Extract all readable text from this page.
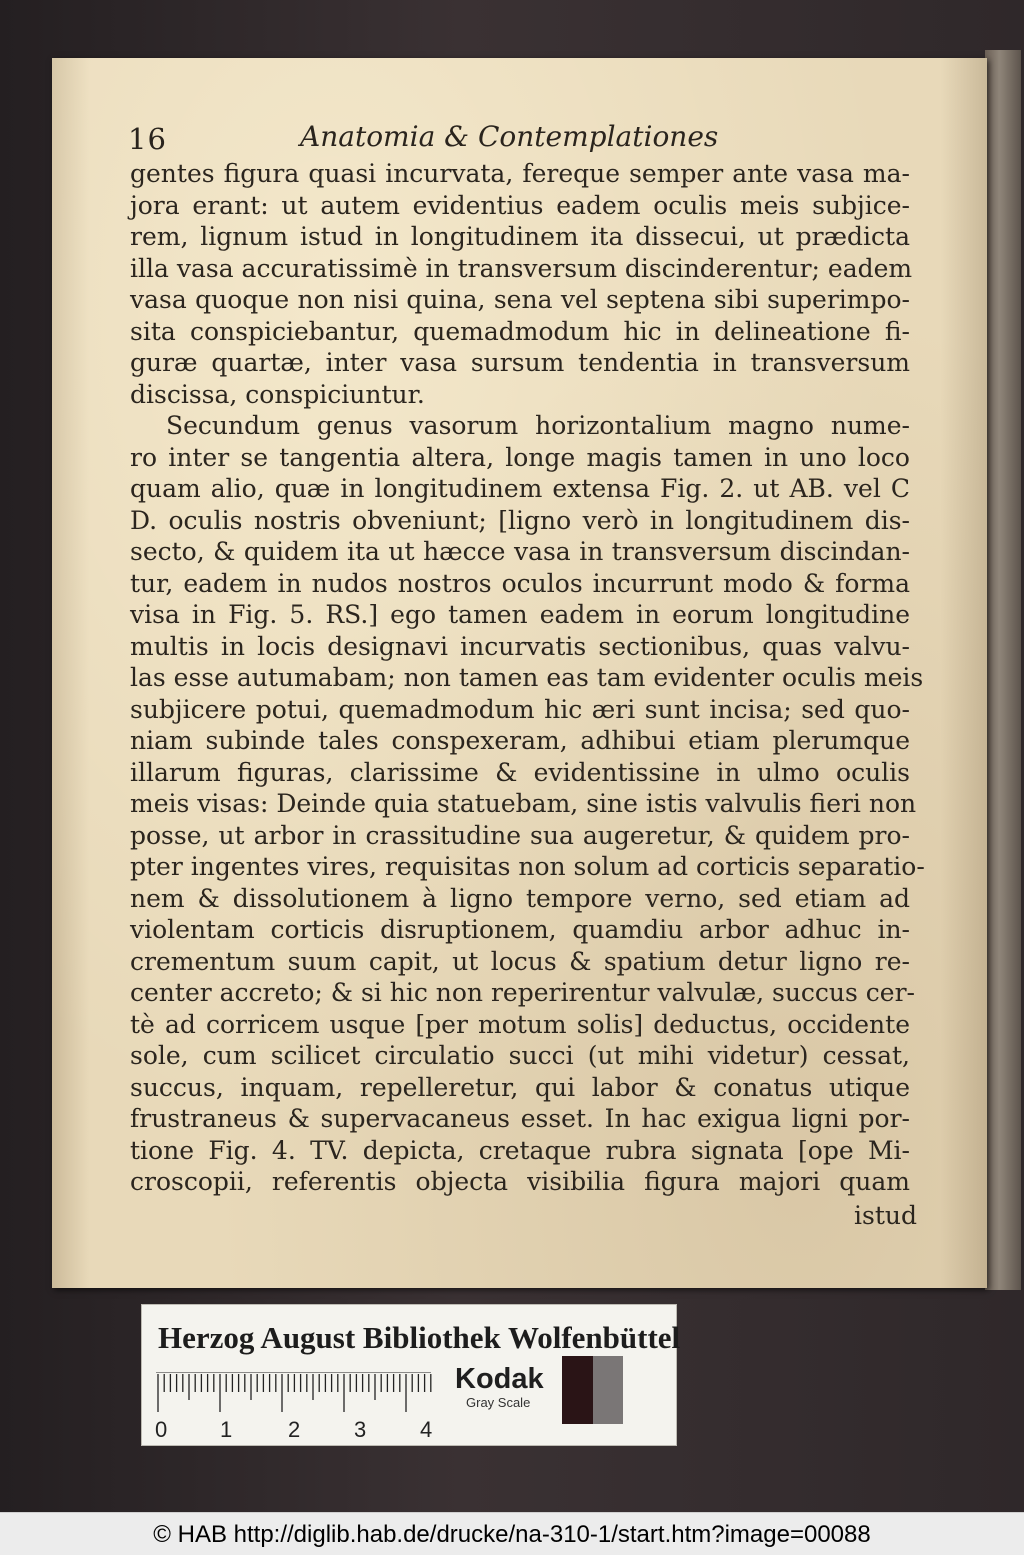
16	Anatomia & Contemplationes
gentes figura quasi incurvata, fereque semper ante vasa ma-
jora erant: ut autem evidentius eadem oculis meis subjice-
rem, lignum istud in longitudinem ita dissecui, ut prædicta
illa vasa accuratissimè in transversum discinderentur; eadem
vasa quoque non nisi quina, sena vel septena sibi superimpo-
sita conspiciebantur, quemadmodum hic in delineatione fi-
guræ quartæ, inter vasa sursum tendentia in transversum
discissa, conspiciuntur.
Secundum genus vasorum horizontalium magno nume-
ro inter se tangentia altera, longe magis tamen in uno loco
quam alio, quæ in longitudinem extensa Fig. 2. ut AB. vel C
D. oculis nostris obveniunt; [ligno verò in longitudinem dis-
secto, & quidem ita ut hæcce vasa in transversum discindan-
tur, eadem in nudos nostros oculos incurrunt modo & forma
visa in Fig. 5. RS.] ego tamen eadem in eorum longitudine
multis in locis designavi incurvatis sectionibus, quas valvu-
las esse autumabam; non tamen eas tam evidenter oculis meis
subjicere potui, quemadmodum hic æri sunt incisa; sed quo-
niam subinde tales conspexeram, adhibui etiam plerumque
illarum figuras, clarissime & evidentissine in ulmo oculis
meis visas: Deinde quia statuebam, sine istis valvulis fieri non
posse, ut arbor in crassitudine sua augeretur, & quidem pro-
pter ingentes vires, requisitas non solum ad corticis separatio-
nem & dissolutionem à ligno tempore verno, sed etiam ad
violentam corticis disruptionem, quamdiu arbor adhuc in-
crementum suum capit, ut locus & spatium detur ligno re-
center accreto; & si hic non reperirentur valvulæ, succus cer-
tè ad corricem usque [per motum solis] deductus, occidente
sole, cum scilicet circulatio succi (ut mihi videtur) cessat,
succus, inquam, repelleretur, qui labor & conatus utique
frustraneus & supervacaneus esset. In hac exigua ligni por-
tione Fig. 4. TV. depicta, cretaque rubra signata [ope Mi-
croscopii, referentis objecta visibilia figura majori quam
istud
Herzog August Bibliothek Wolfenbüttel
0 1	2 3 4
Kodak
Gray Scale
© HAB http://diglib.hab.de/drucke/na-310-1/start.htm?image=00088
